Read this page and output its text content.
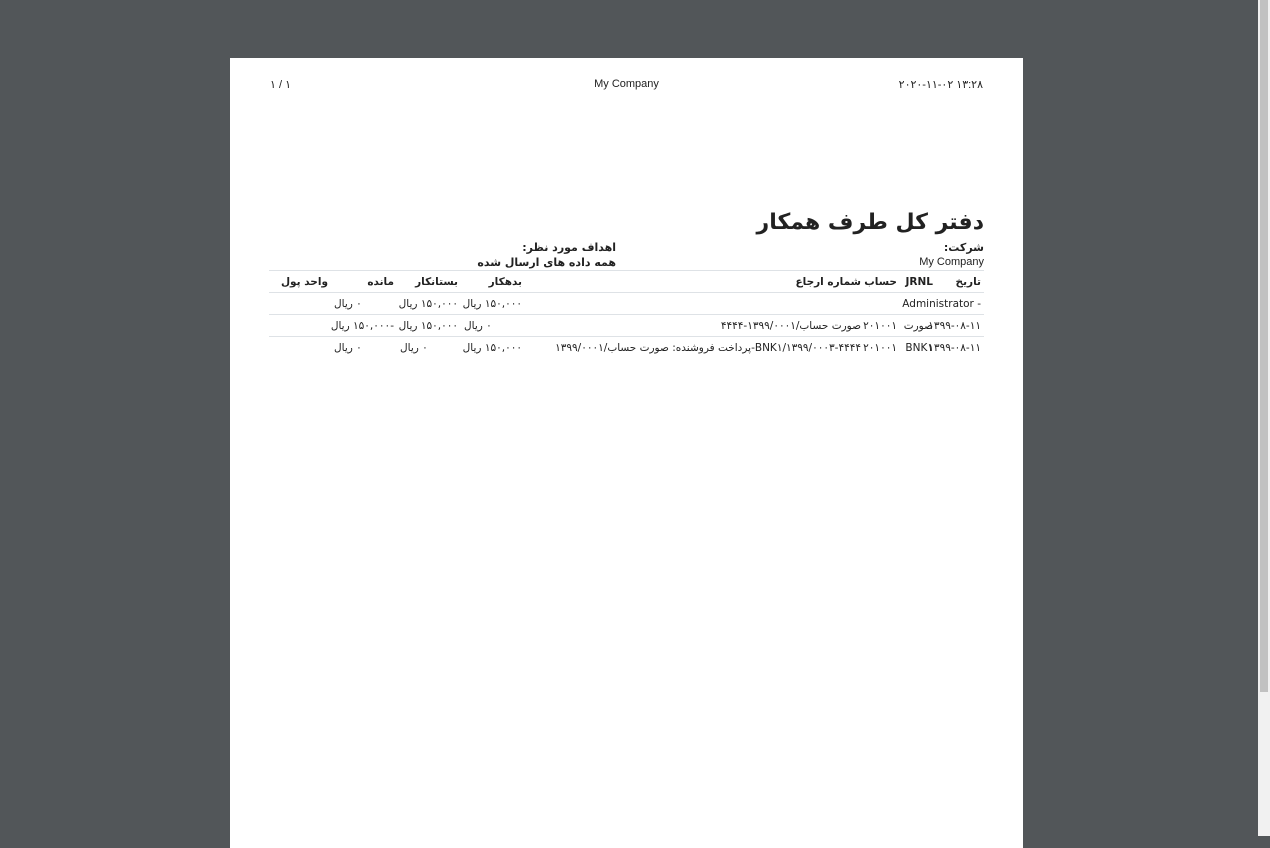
۲۰۲۰-۱۱-۰۲ ۱۳:۲۸
My Company
۱ / ۱
دفتر کل طرف همکار
شرکت:
My Company
اهداف مورد نظر:
همه داده های ارسال شده
تاریخ	JRNL	حساب	شماره ارجاع	بدهکار	بستانکار	مانده	واحد پول
- Administrator				۱۵۰,۰۰۰ ریال	۱۵۰,۰۰۰ ریال	۰ ریال	
۱۳۹۹-۰۸-۱۱	صورت	۲۰۱۰۰۱	صورت حساب/۱۳۹۹/۰۰۰۱-۴۴۴۴	۰ ریال	۱۵۰,۰۰۰ ریال	-۱۵۰,۰۰۰ ریال	
۱۳۹۹-۰۸-۱۱	BNK۱	۲۰۱۰۰۱	BNK۱/۱۳۹۹/۰۰۰۳-۴۴۴۴-پرداخت فروشنده: صورت حساب/۱۳۹۹/۰۰۰۱	۱۵۰,۰۰۰ ریال	۰ ریال	۰ ریال	
